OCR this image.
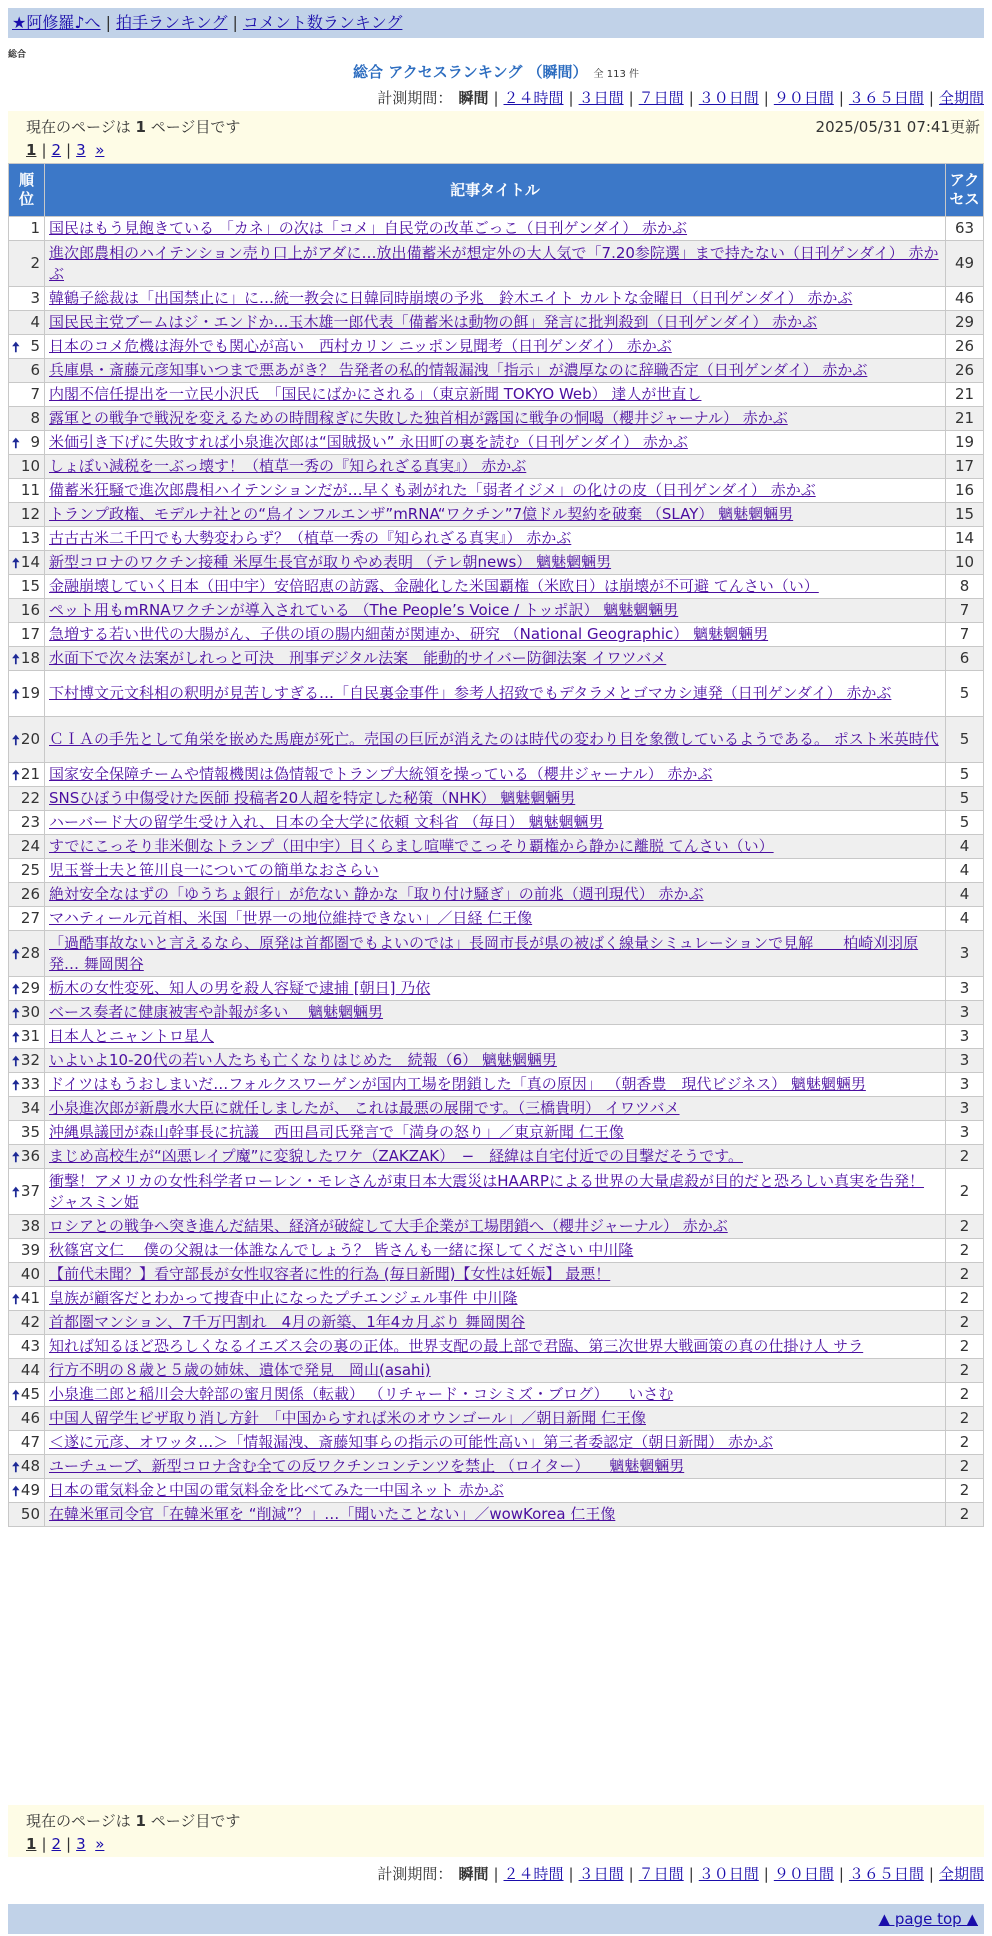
★阿修羅♪へ | 拍手ランキング | コメント数ランキング
総合
総合 アクセスランキング （瞬間） 全 113 件
計測期間： 瞬間 | ２４時間 | ３日間 | ７日間 | ３０日間 | ９０日間 | ３６５日間 | 全期間
現在のページは 1 ページ目です	2025/05/31 07:41更新
1 | 2 | 3 »
順位	記事タイトル	アクセス
1	国民はもう見飽きている 「カネ」の次は「コメ」自民党の改革ごっこ（日刊ゲンダイ） 赤かぶ	63
2	進次郎農相のハイテンション売り口上がアダに…放出備蓄米が想定外の大人気で「7.20参院選」まで持たない（日刊ゲンダイ） 赤かぶ	49
3	韓鶴子総裁は「出国禁止に」に…統一教会に日韓同時崩壊の予兆　鈴木エイト カルトな金曜日（日刊ゲンダイ） 赤かぶ	46
4	国民民主党ブームはジ・エンドか…玉木雄一郎代表「備蓄米は動物の餌」発言に批判殺到（日刊ゲンダイ） 赤かぶ	29

🠅 5	日本のコメ危機は海外でも関心が高い　西村カリン ニッポン見聞考（日刊ゲンダイ） 赤かぶ	26
6	兵庫県・斎藤元彦知事いつまで悪あがき？ 告発者の私的情報漏洩「指示」が濃厚なのに辞職否定（日刊ゲンダイ） 赤かぶ	26
7	内閣不信任提出を一立民小沢氏　「国民にばかにされる」（東京新聞 TOKYO Web） 達人が世直し	21
8	露軍との戦争で戦況を変えるための時間稼ぎに失敗した独首相が露国に戦争の恫喝（櫻井ジャーナル） 赤かぶ	21

🠅 9	米価引き下げに失敗すれば小泉進次郎は“国賊扱い” 永田町の裏を読む（日刊ゲンダイ） 赤かぶ	19
10	しょぼい減税を一ぶっ壊す！（植草一秀の『知られざる真実』） 赤かぶ	17
11	備蓄米狂騒で進次郎農相ハイテンションだが…早くも剥がれた「弱者イジメ」の化けの皮（日刊ゲンダイ） 赤かぶ	16
12	トランプ政権、モデルナ社との“鳥インフルエンザ”mRNA“ワクチン”7億ドル契約を破棄 （SLAY） 魑魅魍魎男	15
13	古古古米二千円でも大勢変わらず？（植草一秀の『知られざる真実』） 赤かぶ	14

🠅 14	新型コロナのワクチン接種 米厚生長官が取りやめ表明 （テレ朝news） 魑魅魍魎男	10
15	金融崩壊していく日本（田中宇）安倍昭恵の訪露、金融化した米国覇権（米欧日）は崩壊が不可避 てんさい（い）	8
16	ペット用もmRNAワクチンが導入されている （The People’s Voice / トッポ訳） 魑魅魍魎男	7
17	急増する若い世代の大腸がん、子供の頃の腸内細菌が関連か、研究 （National Geographic） 魑魅魍魎男	7

🠅 18	水面下で次々法案がしれっと可決　刑事デジタル法案　能動的サイバー防御法案 イワツバメ	6

🠅 19	下村博文元文科相の釈明が見苦しすぎる…「自民裏金事件」参考人招致でもデタラメとゴマカシ連発（日刊ゲンダイ） 赤かぶ	5

🠅 20	ＣＩＡの手先として角栄を嵌めた馬鹿が死亡。売国の巨匠が消えたのは時代の変わり目を象徴しているようである。 ポスト米英時代	5

🠅 21	国家安全保障チームや情報機関は偽情報でトランプ大統領を操っている（櫻井ジャーナル） 赤かぶ	5
22	SNSひぼう中傷受けた医師 投稿者20人超を特定した秘策（NHK） 魑魅魍魎男	5
23	ハーバード大の留学生受け入れ、日本の全大学に依頼 文科省 （毎日） 魑魅魍魎男	5
24	すでにこっそり非米側なトランプ（田中宇）目くらまし喧嘩でこっそり覇権から静かに離脱 てんさい（い）	4
25	児玉誉士夫と笹川良一についての簡単なおさらい	4
26	絶対安全なはずの「ゆうちょ銀行」が危ない 静かな「取り付け騒ぎ」の前兆（週刊現代） 赤かぶ	4
27	マハティール元首相、米国「世界一の地位維持できない」／日経 仁王像	4

🠅 28	「過酷事故ないと言えるなら、原発は首都圏でもよいのでは」長岡市長が県の被ばく線量シミュレーションで見解　　柏崎刈羽原発… 舞岡関谷	3

🠅 29	栃木の女性変死、知人の男を殺人容疑で逮捕 [朝日] 乃依	3

🠅 30	ベース奏者に健康被害や訃報が多い 　魑魅魍魎男	3

🠅 31	日本人とニャントロ星人	3

🠅 32	いよいよ10-20代の若い人たちも亡くなりはじめた　続報（6） 魑魅魍魎男	3

🠅 33	ドイツはもうおしまいだ…フォルクスワーゲンが国内工場を閉鎖した「真の原因」 （朝香豊　現代ビジネス） 魑魅魍魎男	3
34	小泉進次郎が新農水大臣に就任しましたが、 これは最悪の展開です。（三橋貴明） イワツバメ	3
35	沖縄県議団が森山幹事長に抗議　西田昌司氏発言で「満身の怒り」／東京新聞 仁王像	3

🠅 36	まじめ高校生が“凶悪レイプ魔”に変貌したワケ（ZAKZAK）　−　経緯は自宅付近での目撃だそうです。	2

🠅 37	衝撃！アメリカの女性科学者ローレン・モレさんが東日本大震災はHAARPによる世界の大量虐殺が目的だと恐ろしい真実を告発！ ジャスミン姫	2
38	ロシアとの戦争へ突き進んだ結果、経済が破綻して大手企業が工場閉鎖へ（櫻井ジャーナル） 赤かぶ	2
39	秋篠宮文仁 　僕の父親は一体誰なんでしょう？ 皆さんも一緒に探してください 中川隆	2
40	【前代未聞？】看守部長が女性収容者に性的行為 (毎日新聞)【女性は妊娠】 最悪！	2

🠅 41	皇族が顧客だとわかって捜査中止になったプチエンジェル事件 中川隆	2
42	首都圏マンション、7千万円割れ　4月の新築、1年4カ月ぶり 舞岡関谷	2
43	知れば知るほど恐ろしくなるイエズス会の裏の正体。世界支配の最上部で君臨、第三次世界大戦画策の真の仕掛け人 サラ	2
44	行方不明の８歳と５歳の姉妹、遺体で発見　岡山(asahi)	2

🠅 45	小泉進二郎と稲川会大幹部の蜜月関係（転載） （リチャード・コシミズ・ブログ） 　いさむ	2
46	中国人留学生ビザ取り消し方針　「中国からすれば米のオウンゴール」／朝日新聞 仁王像	2
47	＜遂に元彦、オワッタ…＞「情報漏洩、斎藤知事らの指示の可能性高い」第三者委認定（朝日新聞） 赤かぶ	2

🠅 48	ユーチューブ、新型コロナ含む全ての反ワクチンコンテンツを禁止 （ロイター） 　魑魅魍魎男	2

🠅 49	日本の電気料金と中国の電気料金を比べてみた一中国ネット 赤かぶ	2
50	在韓米軍司令官「在韓米軍を “削減”？」…「聞いたことない」／wowKorea 仁王像	2
現在のページは 1 ページ目です
1 | 2 | 3 »
計測期間： 瞬間 | ２４時間 | ３日間 | ７日間 | ３０日間 | ９０日間 | ３６５日間 | 全期間
▲ page top ▲
